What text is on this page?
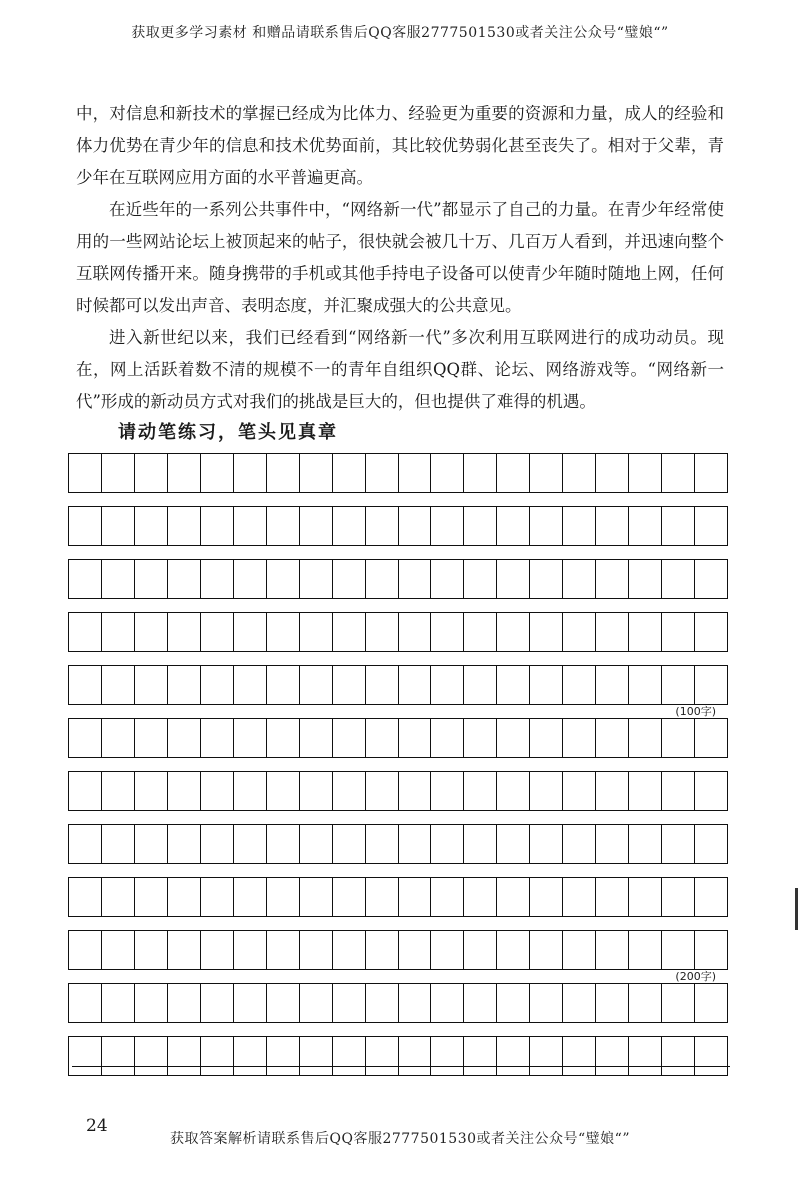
获取更多学习素材 和赠品请联系售后QQ客服2777501530或者关注公众号“璧娘“”

中，对信息和新技术的掌握已经成为比体力、经验更为重要的资源和力量，成人的经验和体力优势在青少年的信息和技术优势面前，其比较优势弱化甚至丧失了。相对于父辈，青少年在互联网应用方面的水平普遍更高。

在近些年的一系列公共事件中，“网络新一代”都显示了自己的力量。在青少年经常使用的一些网站论坛上被顶起来的帖子，很快就会被几十万、几百万人看到，并迅速向整个互联网传播开来。随身携带的手机或其他手持电子设备可以使青少年随时随地上网，任何时候都可以发出声音、表明态度，并汇聚成强大的公共意见。

进入新世纪以来，我们已经看到“网络新一代”多次利用互联网进行的成功动员。现在，网上活跃着数不清的规模不一的青年自组织QQ群、论坛、网络游戏等。“网络新一代”形成的新动员方式对我们的挑战是巨大的，但也提供了难得的机遇。

请动笔练习，笔头见真章
(100字)
(200字)
24
获取答案解析请联系售后QQ客服2777501530或者关注公众号“璧娘“”
